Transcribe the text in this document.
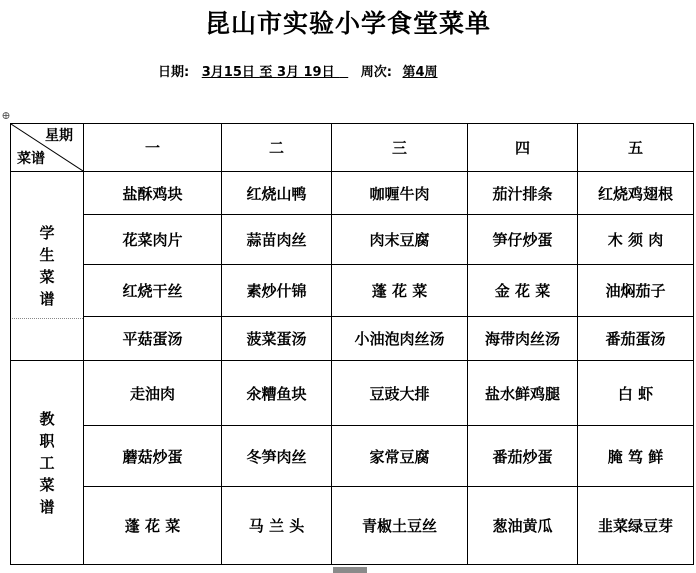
昆山市实验小学食堂菜单
日期: 3月15日 至 3月 19日    周次: 第4周
⊕
星期
菜谱	一	二	三	四	五
学生菜谱	盐酥鸡块	红烧山鸭	咖喱牛肉	茄汁排条	红烧鸡翅根
	花菜肉片	蒜苗肉丝	肉末豆腐	笋仔炒蛋	木 须 肉
	红烧干丝	素炒什锦	蓬 花 菜	金 花 菜	油焖茄子
	平菇蛋汤	菠菜蛋汤	小油泡肉丝汤	海带肉丝汤	番茄蛋汤
教职工菜谱	走油肉	氽糟鱼块	豆豉大排	盐水鲜鸡腿	白 虾
	蘑菇炒蛋	冬笋肉丝	家常豆腐	番茄炒蛋	腌 笃 鲜
	蓬 花 菜	马 兰 头	青椒土豆丝	葱油黄瓜	韭菜绿豆芽
